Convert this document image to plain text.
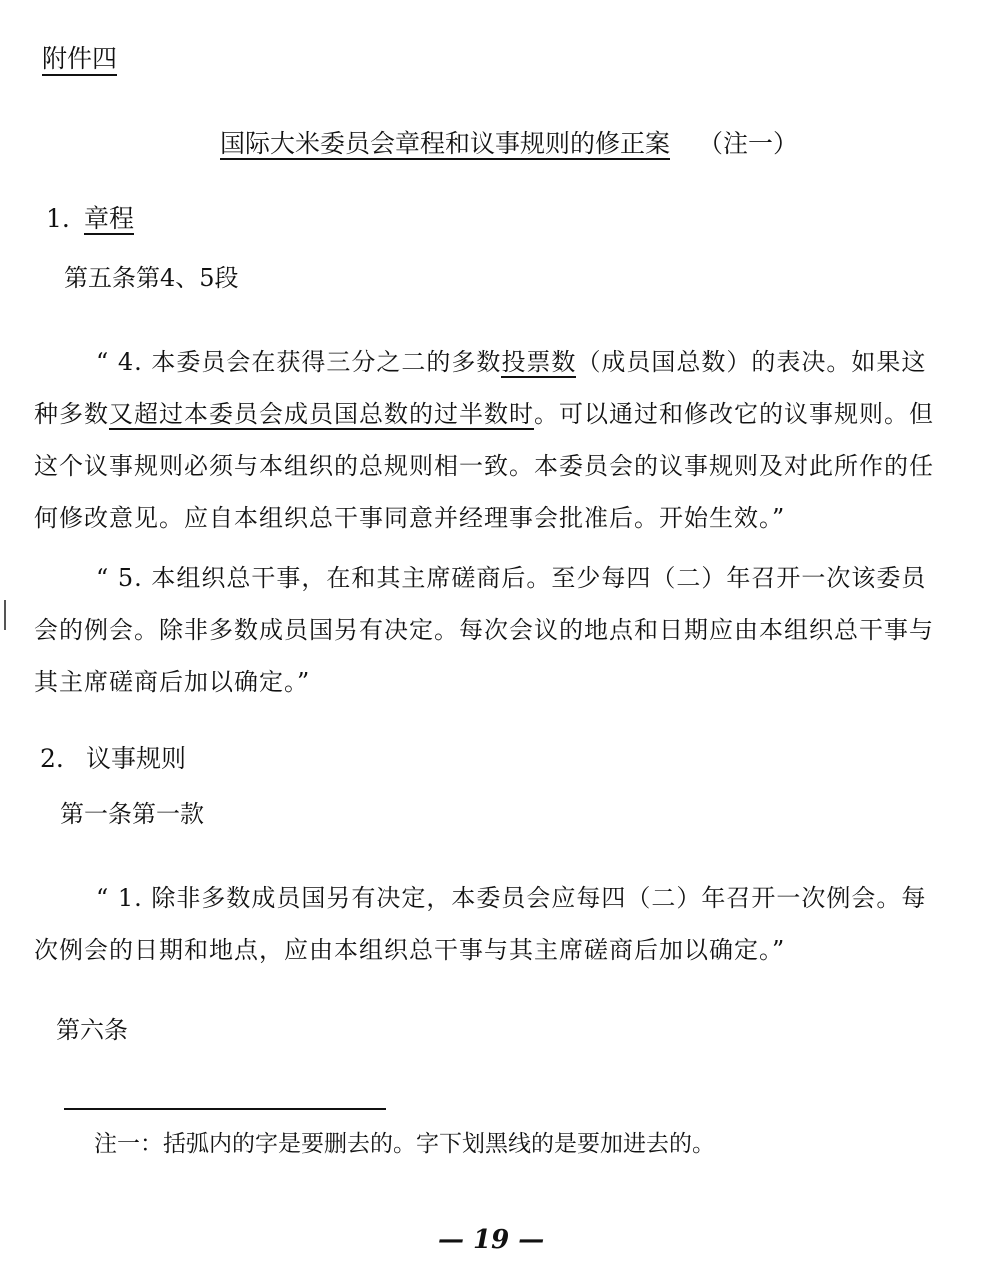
附件四
国际大米委员会章程和议事规则的修正案 （注一）
1. 章程
第五条第4、5段
“ 4. 本委员会在获得三分之二的多数投票数（成员国总数）的表决。如果这
种多数又超过本委员会成员国总数的过半数时。可以通过和修改它的议事规则。但
这个议事规则必须与本组织的总规则相一致。本委员会的议事规则及对此所作的任
何修改意见。应自本组织总干事同意并经理事会批准后。开始生效。”
“ 5. 本组织总干事，在和其主席磋商后。至少每四（二）年召开一次该委员
会的例会。除非多数成员国另有决定。每次会议的地点和日期应由本组织总干事与
其主席磋商后加以确定。”
2. 议事规则
第一条第一款
“ 1. 除非多数成员国另有决定，本委员会应每四（二）年召开一次例会。每
次例会的日期和地点，应由本组织总干事与其主席磋商后加以确定。”
第六条
注一：括弧内的字是要删去的。字下划黑线的是要加进去的。
— 19 —
